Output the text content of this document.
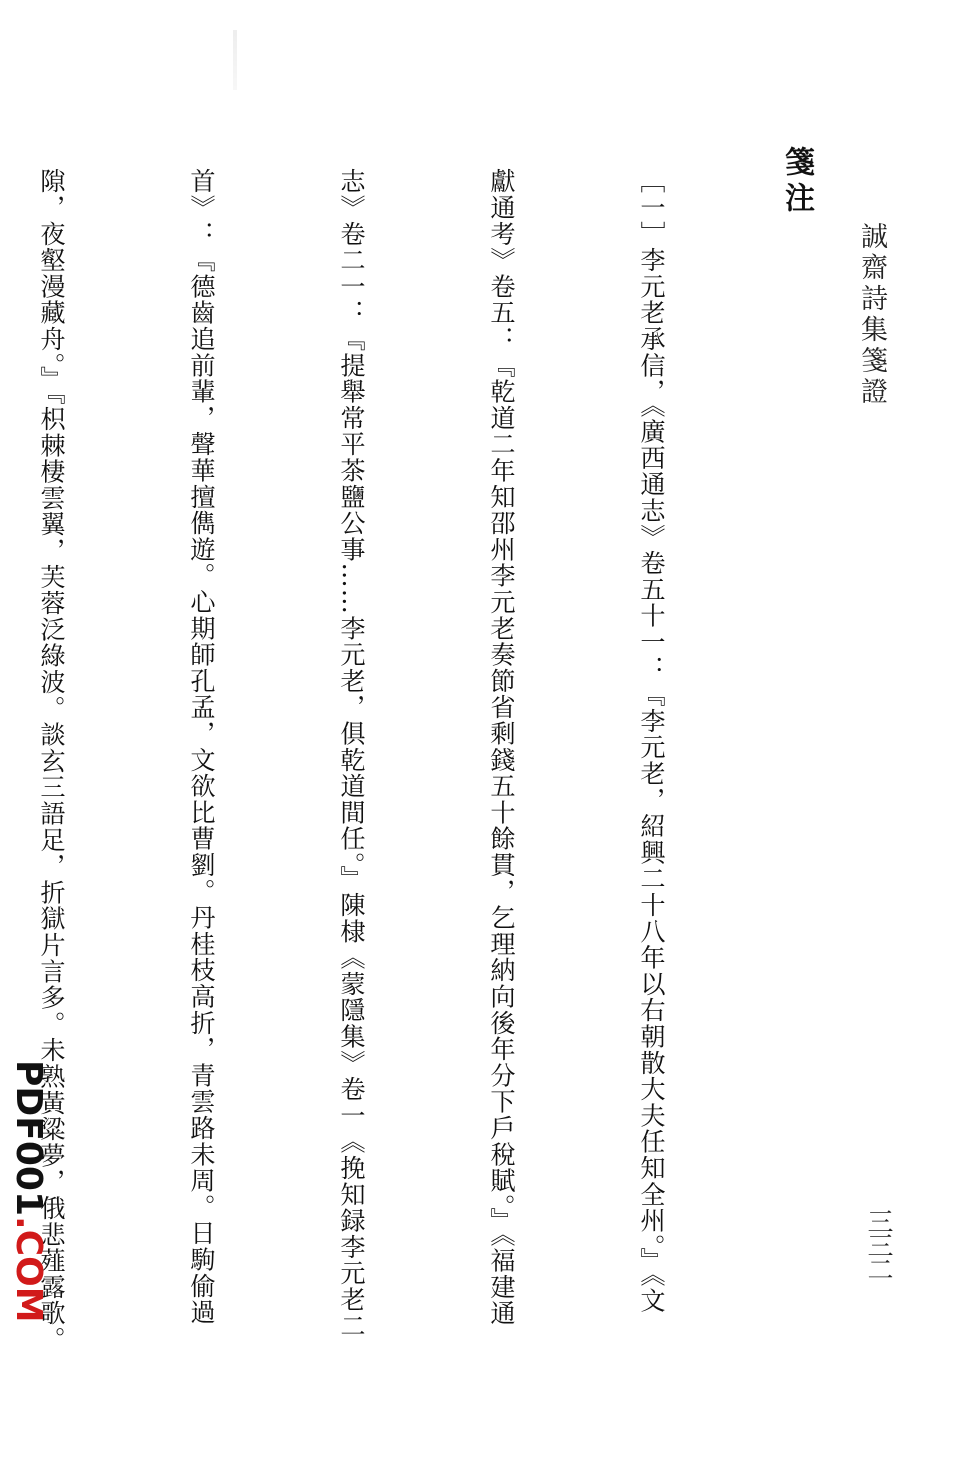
誠齋詩集箋證
三三二
箋注

［一］李元老承信，《廣西通志》卷五十一：『李元老，紹興二十八年以右朝散大夫任知全州。』《文

獻通考》卷五：『乾道二年知邵州李元老奏節省剩錢五十餘貫，乞理納向後年分下戶稅賦。』《福建通

志》卷二一：『提舉常平茶鹽公事……李元老，俱乾道間任。』陳棣《蒙隱集》卷一《挽知録李元老二

首》：『德齒追前輩，聲華擅儁遊。心期師孔孟，文欲比曹劉。丹桂枝高折，青雲路未周。日駒偷過

隙，夜壑漫藏舟。』『枳棘棲雲翼，芙蓉泛綠波。談玄三語足，折獄片言多。未熟黃粱夢，俄悲薤露歌。

PDF001.COM
